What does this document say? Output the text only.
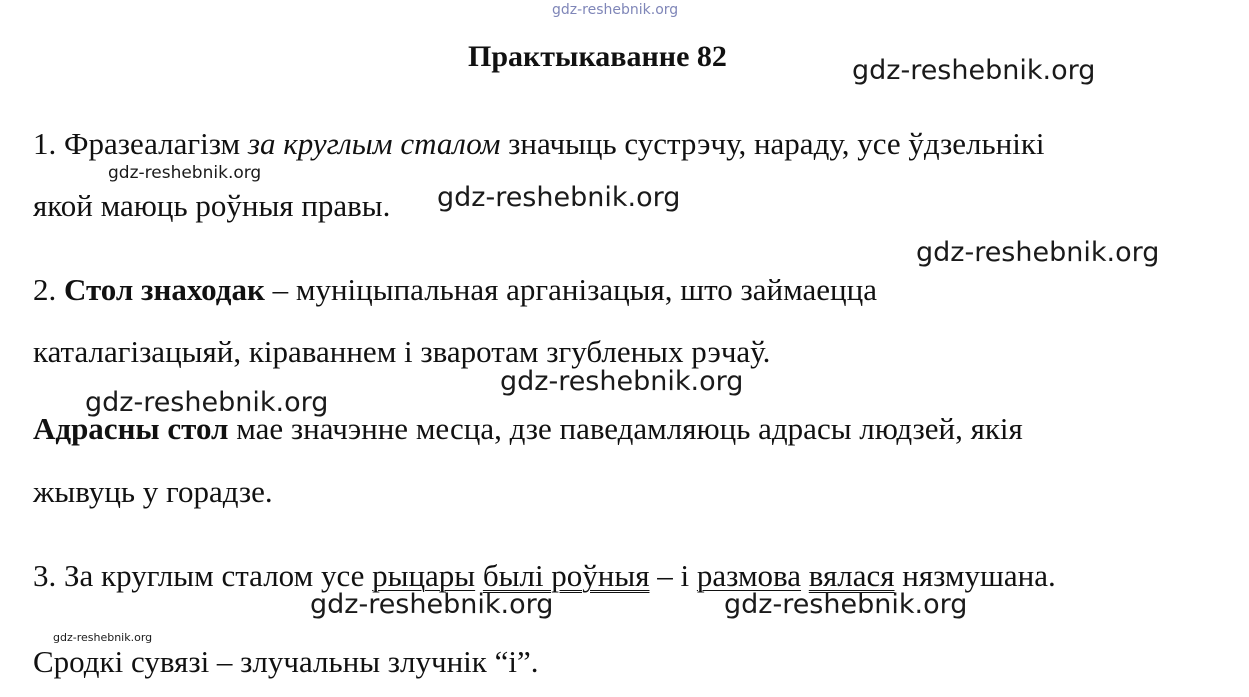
gdz-reshebnik.org
Практыкаванне 82	gdz-reshebnik.org
1. Фразеалагізм за круглым сталом значыць сустрэчу, нараду, усе ўдзельнікі
gdz-reshebnik.org
якой маюць роўныя правы. gdz-reshebnik.org
gdz-reshebnik.org
2. Стол знаходак – муніцыпальная арганізацыя, што займаецца
каталагізацыяй, кіраваннем і зваротам згубленых рэчаў.
gdz-reshebnik.org
gdz-reshebnik.org
Адрасны стол мае значэнне месца, дзе паведамляюць адрасы людзей, якія
жывуць у горадзе.
3. За круглым сталом усе рыцары былі роўныя – і размова вялася нязмушана.
gdz-reshebnik.org	gdz-reshebnik.org
gdz-reshebnik.org
Сродкі сувязі – злучальны злучнік “і”.
